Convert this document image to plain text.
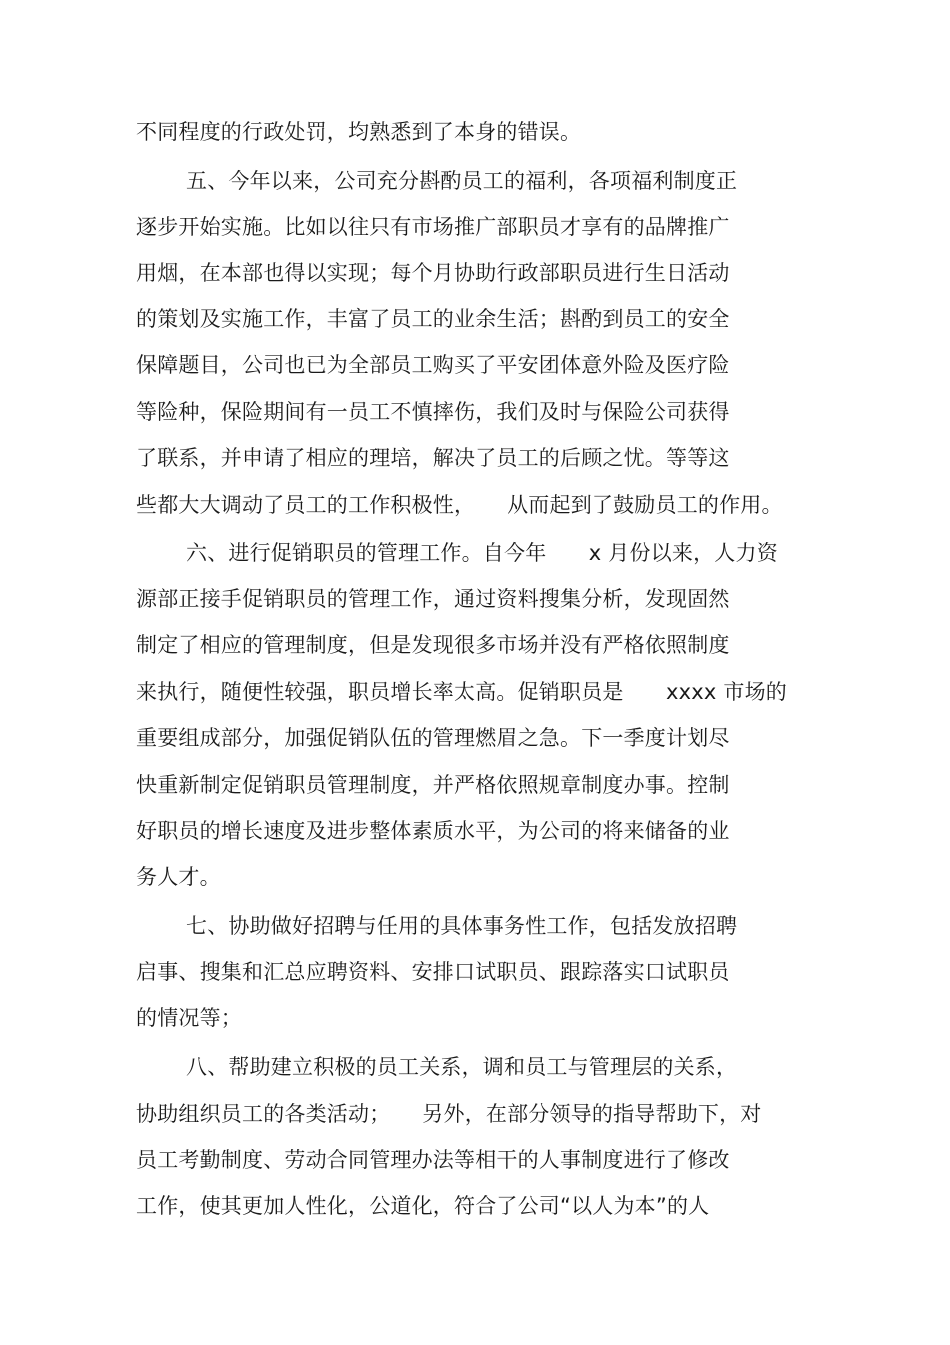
不同程度的行政处罚，均熟悉到了本身的错误。
五、今年以来，公司充分斟酌员工的福利，各项福利制度正
逐步开始实施。比如以往只有市场推广部职员才享有的品牌推广
用烟，在本部也得以实现；每个月协助行政部职员进行生日活动
的策划及实施工作，丰富了员工的业余生活；斟酌到员工的安全
保障题目，公司也已为全部员工购买了平安团体意外险及医疗险
等险种，保险期间有一员工不慎摔伤，我们及时与保险公司获得
了联系，并申请了相应的理培，解决了员工的后顾之忧。等等这
些都大大调动了员工的工作积极性，　　从而起到了鼓励员工的作用。
六、进行促销职员的管理工作。自今年　　x 月份以来，人力资
源部正接手促销职员的管理工作，通过资料搜集分析，发现固然
制定了相应的管理制度，但是发现很多市场并没有严格依照制度
来执行，随便性较强，职员增长率太高。促销职员是　　xxxx 市场的
重要组成部分，加强促销队伍的管理燃眉之急。下一季度计划尽
快重新制定促销职员管理制度，并严格依照规章制度办事。控制
好职员的增长速度及进步整体素质水平，为公司的将来储备的业
务人才。
七、协助做好招聘与任用的具体事务性工作，包括发放招聘
启事、搜集和汇总应聘资料、安排口试职员、跟踪落实口试职员
的情况等；
八、帮助建立积极的员工关系，调和员工与管理层的关系，
协助组织员工的各类活动；　　另外，在部分领导的指导帮助下，对
员工考勤制度、劳动合同管理办法等相干的人事制度进行了修改
工作，使其更加人性化，公道化，符合了公司“以人为本”的人
